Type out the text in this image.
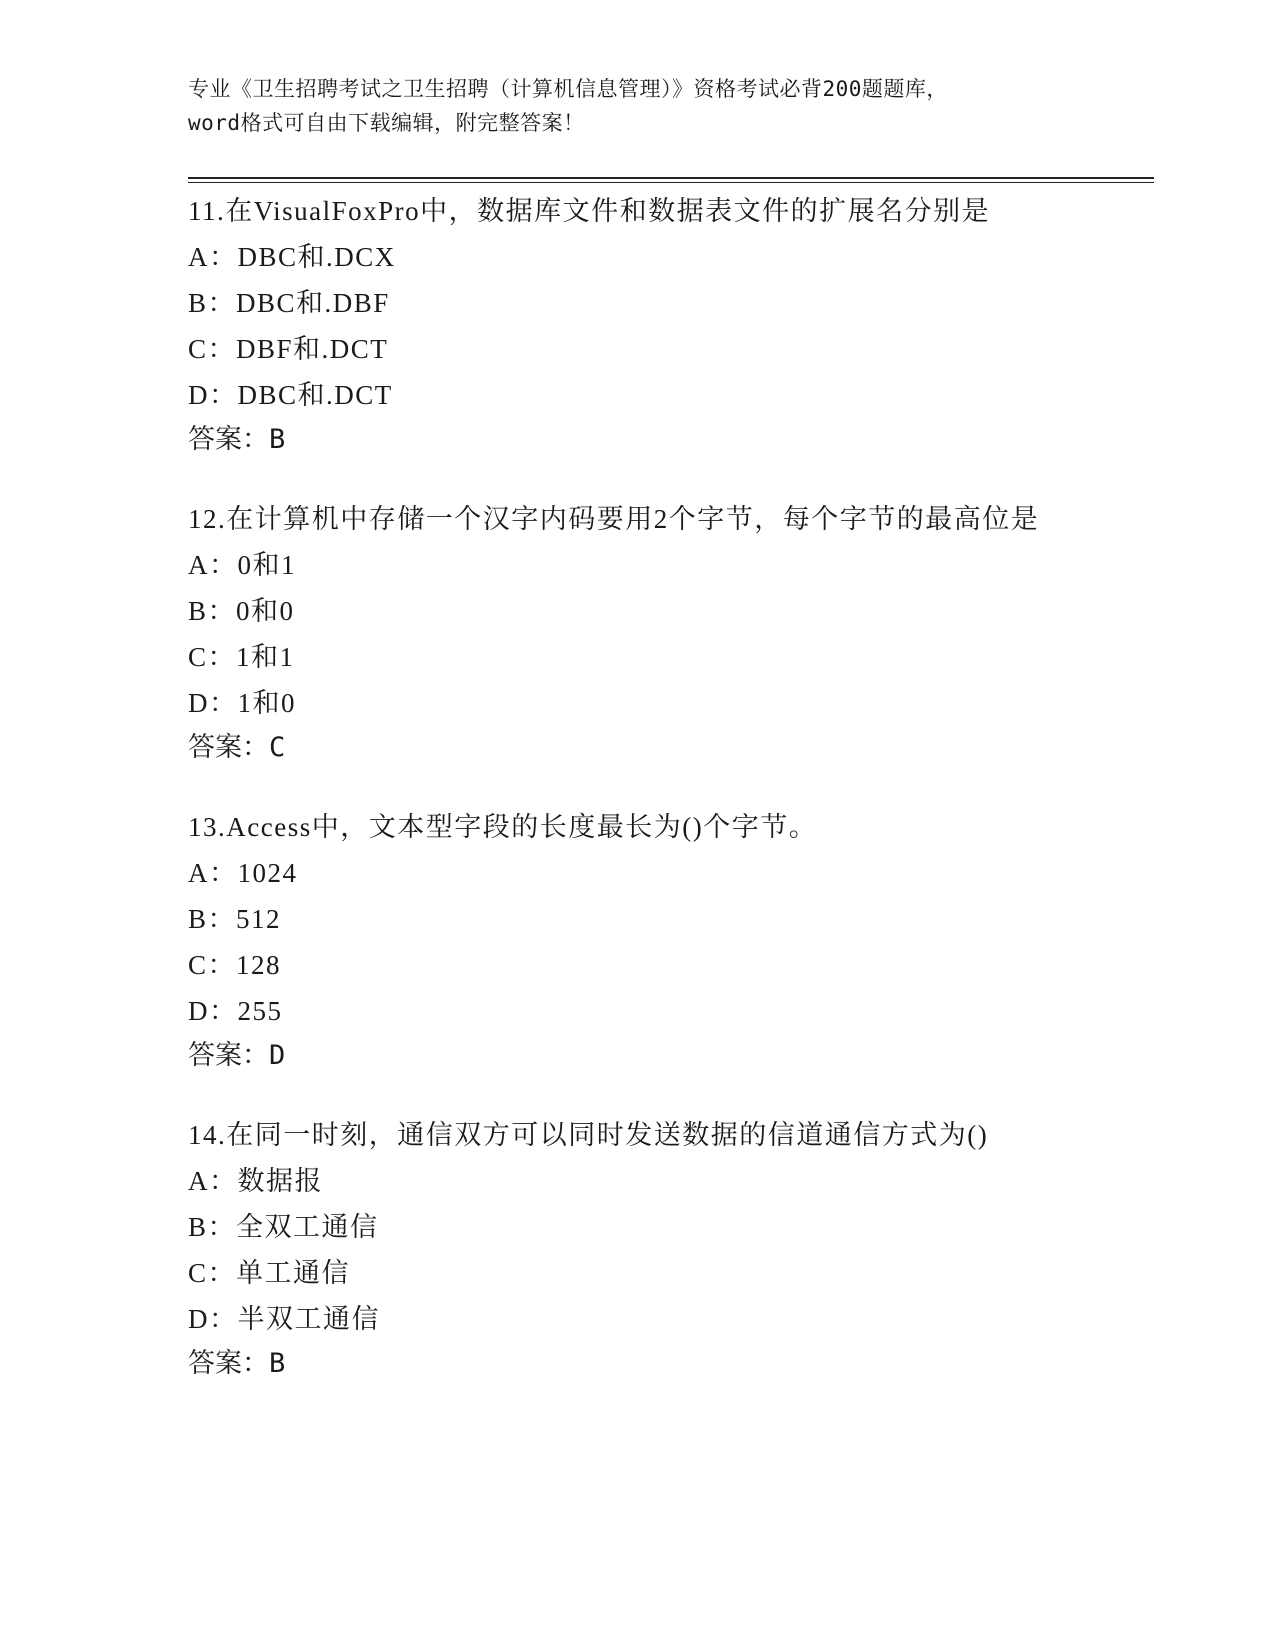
专业《卫生招聘考试之卫生招聘（计算机信息管理）》资格考试必背200题题库，
word格式可自由下载编辑，附完整答案！
11.在VisualFoxPro中，数据库文件和数据表文件的扩展名分别是
A：DBC和.DCX
B：DBC和.DBF
C：DBF和.DCT
D：DBC和.DCT
答案：B
12.在计算机中存储一个汉字内码要用2个字节，每个字节的最高位是
A：0和1
B：0和0
C：1和1
D：1和0
答案：C
13.Access中，文本型字段的长度最长为()个字节。
A：1024
B：512
C：128
D：255
答案：D
14.在同一时刻，通信双方可以同时发送数据的信道通信方式为()
A：数据报
B：全双工通信
C：单工通信
D：半双工通信
答案：B
